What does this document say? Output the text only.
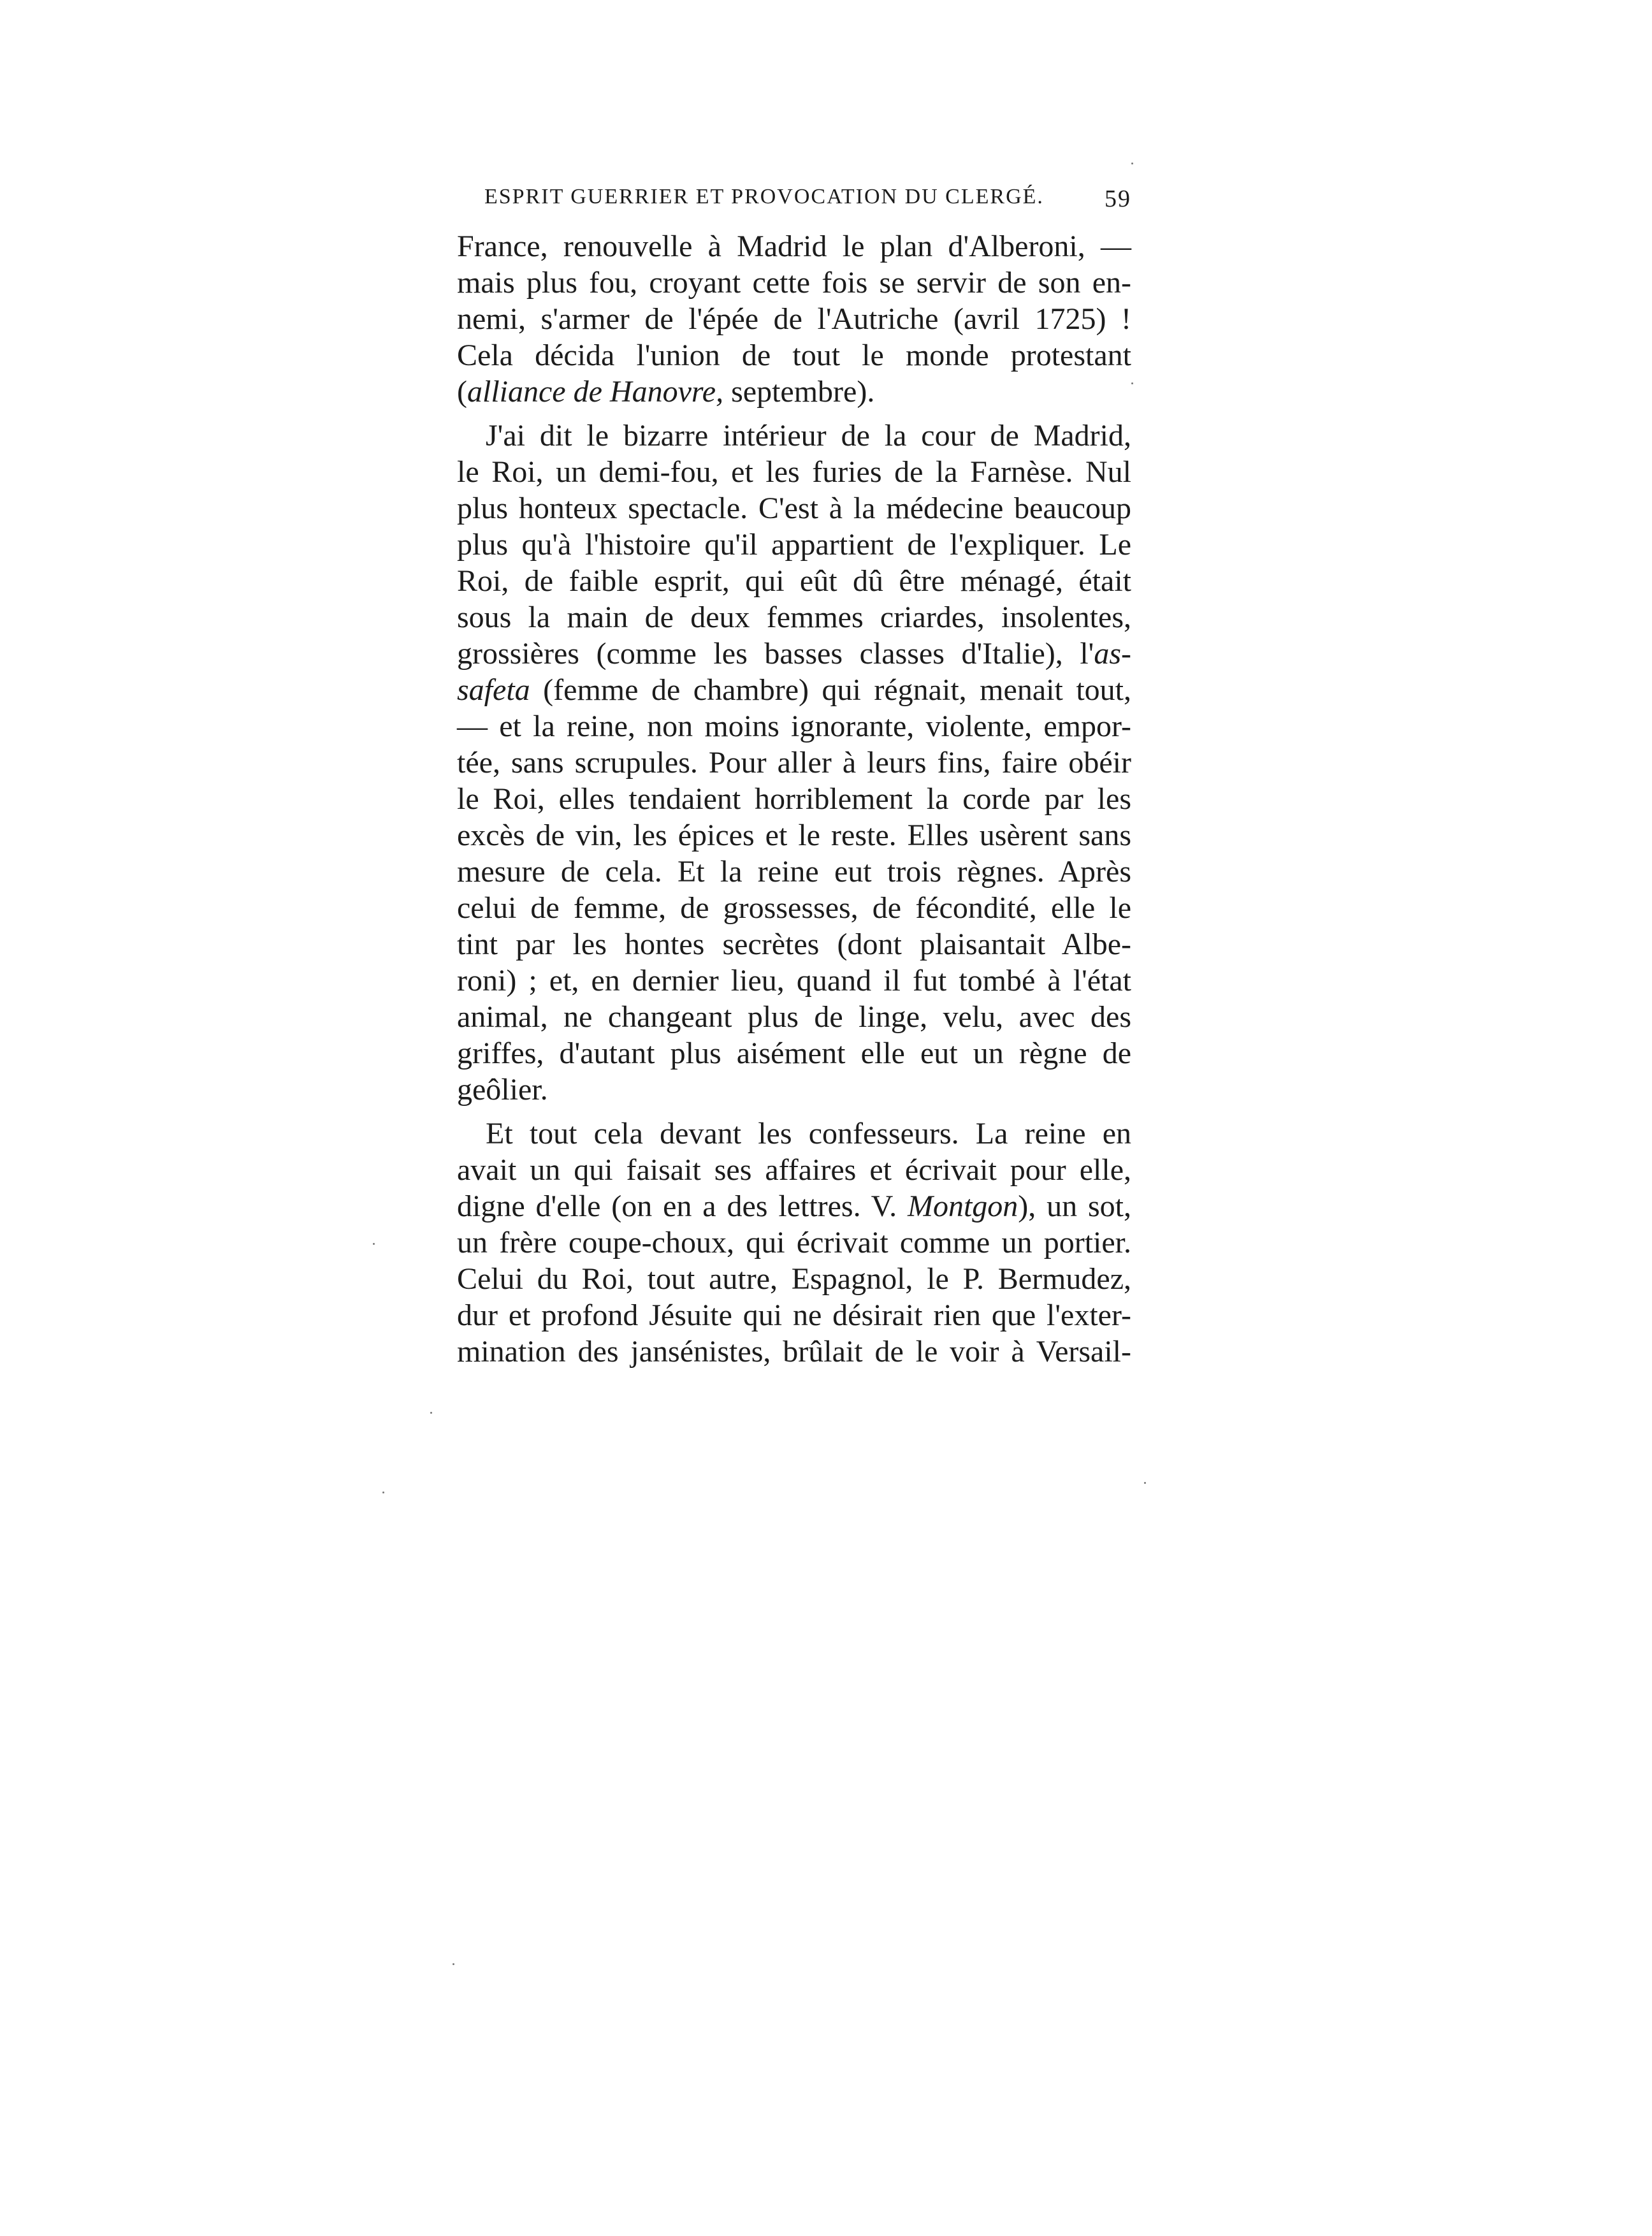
ESPRIT GUERRIER ET PROVOCATION DU CLERGÉ.	59
France, renouvelle à Madrid le plan d'Alberoni, —
mais plus fou, croyant cette fois se servir de son en-
nemi, s'armer de l'épée de l'Autriche (avril 1725) !
Cela décida l'union de tout le monde protestant
(alliance de Hanovre, septembre).
J'ai dit le bizarre intérieur de la cour de Madrid,
le Roi, un demi-fou, et les furies de la Farnèse. Nul
plus honteux spectacle. C'est à la médecine beaucoup
plus qu'à l'histoire qu'il appartient de l'expliquer. Le
Roi, de faible esprit, qui eût dû être ménagé, était
sous la main de deux femmes criardes, insolentes,
grossières (comme les basses classes d'Italie), l'as-
safeta (femme de chambre) qui régnait, menait tout,
— et la reine, non moins ignorante, violente, empor-
tée, sans scrupules. Pour aller à leurs fins, faire obéir
le Roi, elles tendaient horriblement la corde par les
excès de vin, les épices et le reste. Elles usèrent sans
mesure de cela. Et la reine eut trois règnes. Après
celui de femme, de grossesses, de fécondité, elle le
tint par les hontes secrètes (dont plaisantait Albe-
roni) ; et, en dernier lieu, quand il fut tombé à l'état
animal, ne changeant plus de linge, velu, avec des
griffes, d'autant plus aisément elle eut un règne de
geôlier.
Et tout cela devant les confesseurs. La reine en
avait un qui faisait ses affaires et écrivait pour elle,
digne d'elle (on en a des lettres. V. Montgon), un sot,
un frère coupe-choux, qui écrivait comme un portier.
Celui du Roi, tout autre, Espagnol, le P. Bermudez,
dur et profond Jésuite qui ne désirait rien que l'exter-
mination des jansénistes, brûlait de le voir à Versail-
